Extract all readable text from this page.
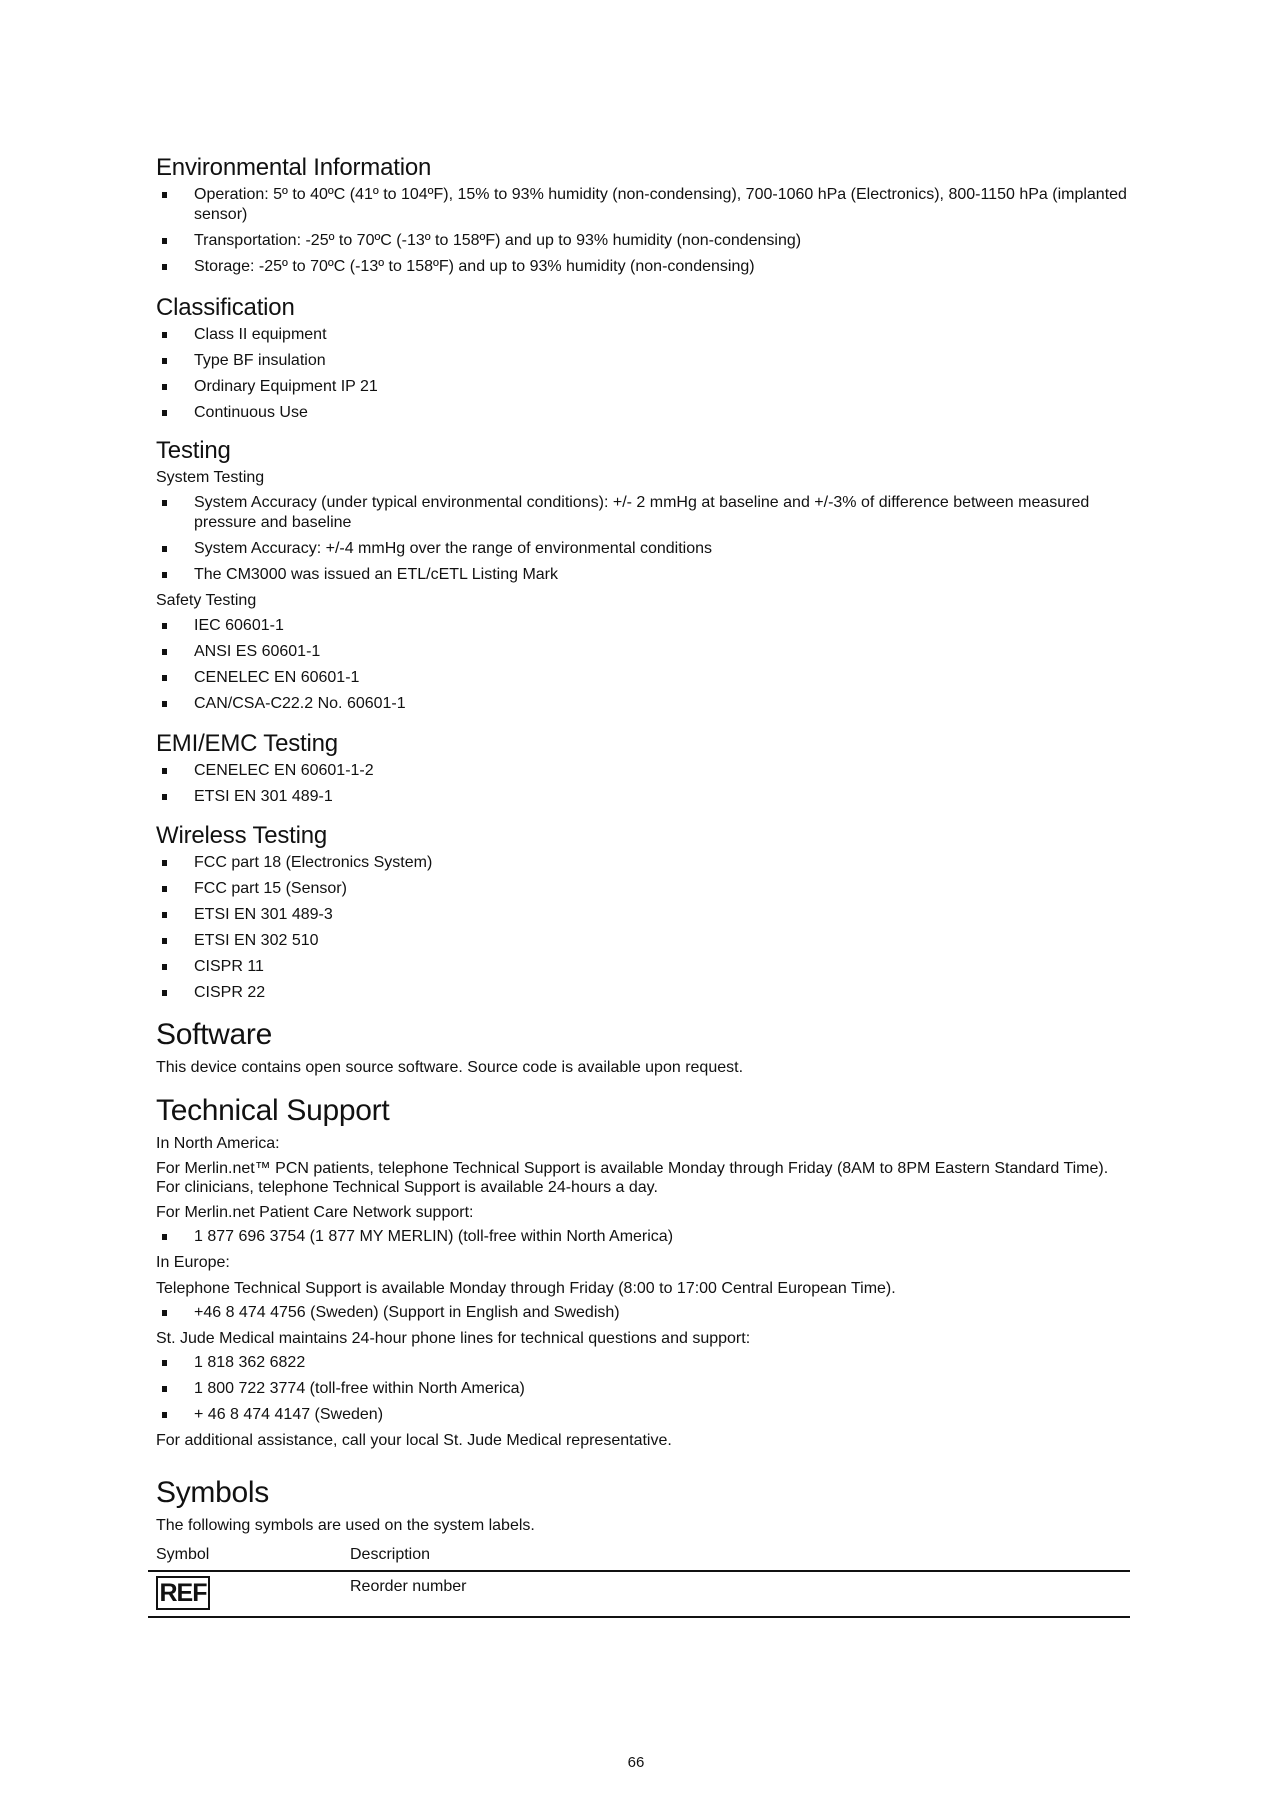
Environmental Information
Operation: 5º to 40ºC (41º to 104ºF), 15% to 93% humidity (non-condensing), 700-1060 hPa (Electronics), 800-1150 hPa (implanted sensor)
Transportation: -25º to 70ºC (-13º to 158ºF) and up to 93% humidity (non-condensing)
Storage: -25º to 70ºC (-13º to 158ºF) and up to 93% humidity (non-condensing)
Classification
Class II equipment
Type BF insulation
Ordinary Equipment IP 21
Continuous Use
Testing

System Testing

System Accuracy (under typical environmental conditions): +/- 2 mmHg at baseline and +/-3% of difference between measured pressure and baseline
System Accuracy: +/-4 mmHg over the range of environmental conditions
The CM3000 was issued an ETL/cETL Listing Mark

Safety Testing

IEC 60601-1
ANSI ES 60601-1
CENELEC EN 60601-1
CAN/CSA-C22.2 No. 60601-1
EMI/EMC Testing
CENELEC EN 60601-1-2
ETSI EN 301 489-1
Wireless Testing
FCC part 18 (Electronics System)
FCC part 15 (Sensor)
ETSI EN 301 489-3
ETSI EN 302 510
CISPR 11
CISPR 22
Software

This device contains open source software. Source code is available upon request.

Technical Support

In North America:

For Merlin.net™ PCN patients, telephone Technical Support is available Monday through Friday (8AM to 8PM Eastern Standard Time). For clinicians, telephone Technical Support is available 24-hours a day.

For Merlin.net Patient Care Network support:

1 877 696 3754 (1 877 MY MERLIN) (toll-free within North America)

In Europe:

Telephone Technical Support is available Monday through Friday (8:00 to 17:00 Central European Time).

+46 8 474 4756 (Sweden) (Support in English and Swedish)

St. Jude Medical maintains 24-hour phone lines for technical questions and support:

1 818 362 6822
1 800 722 3774 (toll-free within North America)
+ 46 8 474 4147 (Sweden)

For additional assistance, call your local St. Jude Medical representative.

Symbols

The following symbols are used on the system labels.

Symbol	Description
REF	Reorder number
66
